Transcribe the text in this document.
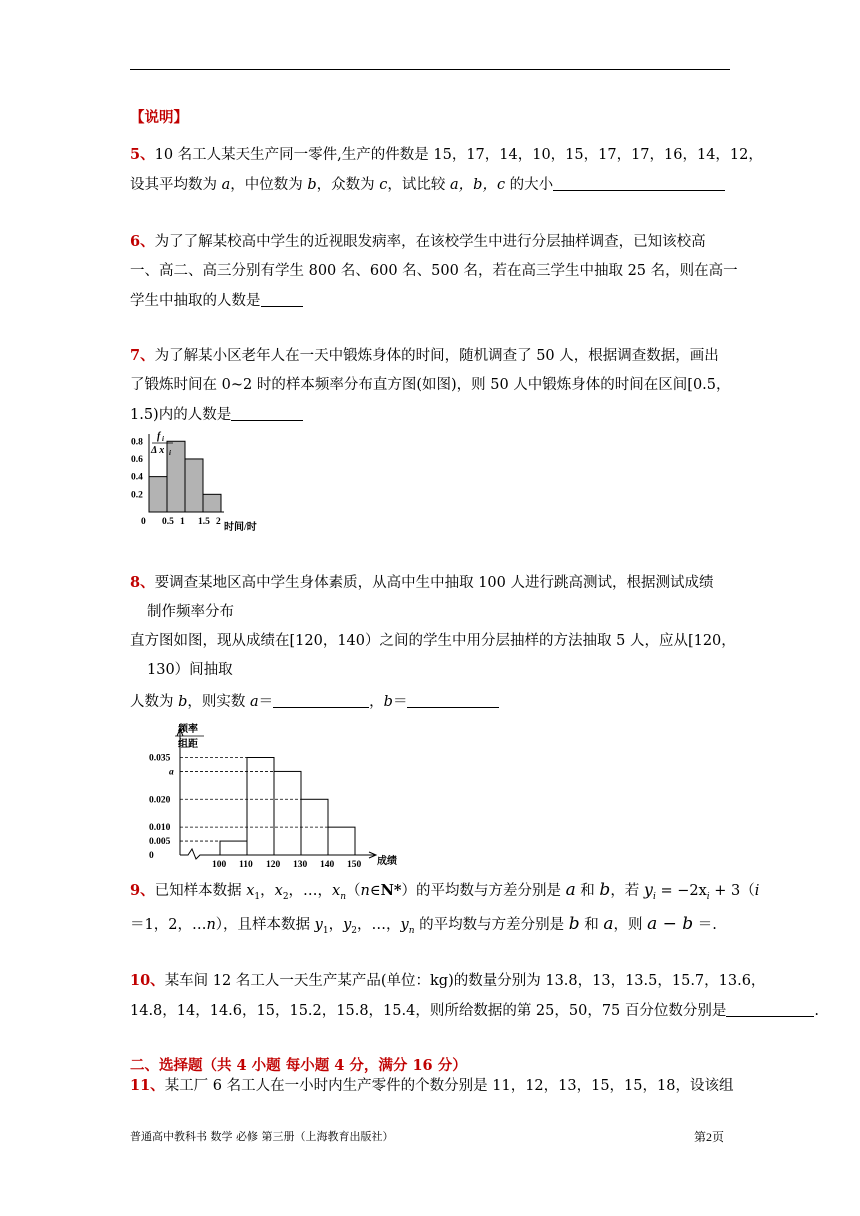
【说明】
5、10 名工人某天生产同一零件,生产的件数是 15，17，14，10，15，17，17，16，14，12，
设其平均数为 a，中位数为 b，众数为 c，试比较 a，b，c 的大小
6、为了了解某校高中学生的近视眼发病率，在该校学生中进行分层抽样调查，已知该校高
一、高二、高三分别有学生 800 名、600 名、500 名，若在高三学生中抽取 25 名，则在高一
学生中抽取的人数是
7、为了解某小区老年人在一天中锻炼身体的时间，随机调查了 50 人，根据调查数据，画出
了锻炼时间在 0~2 时的样本频率分布直方图(如图)，则 50 人中锻炼身体的时间在区间[0.5，
1.5)内的人数是
0.2
0.4
0.6
0.8
0 0.5 1 1.5 2
f i
Δ x i
时间/时
8、要调查某地区高中学生身体素质，从高中生中抽取 100 人进行跳高测试，根据测试成绩
制作频率分布
直方图如图，现从成绩在[120，140）之间的学生中用分层抽样的方法抽取 5 人，应从[120，
130）间抽取
人数为 b，则实数 a＝	，b＝
0
0.005
0.010
0.020
a
0.035
100 110 120 130 140 150
频率
组距
成绩
9、已知样本数据 $x_1$，$x_2$，…，$x_n(n\in N*)$的平均数与方差分别是 a 和 b，若 $y_i = -2x_i + 3(i$
＝1，2，…n），且样本数据 $y_1$，$y_2$，…，$y_n$ 的平均数与方差分别是 b 和 a，则 a − b ＝.
10、某车间 12 名工人一天生产某产品(单位：kg)的数量分别为 13.8，13，13.5，15.7，13.6，
14.8，14，14.6，15，15.2，15.8，15.4，则所给数据的第 25，50，75 百分位数分别是	.
二、选择题（共 4 小题 每小题 4 分，满分 16 分）
11、某工厂 6 名工人在一小时内生产零件的个数分别是 11，12，13，15，15，18，设该组
普通高中教科书 数学 必修 第三册（上海教育出版社）	第2页
